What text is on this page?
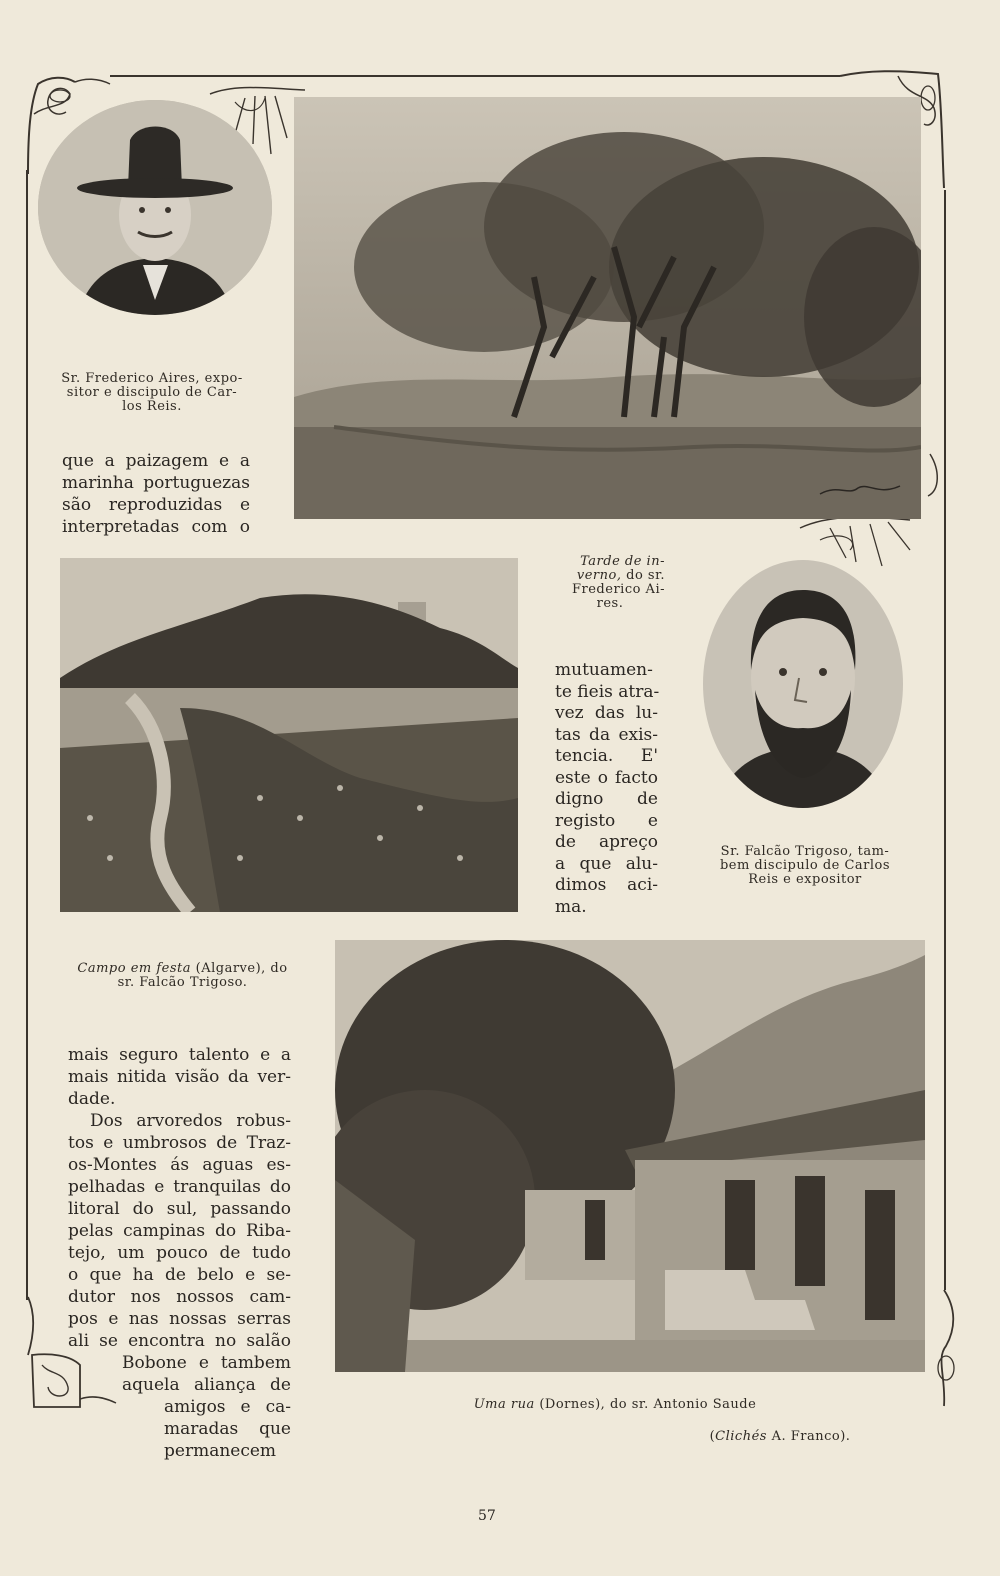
Sr. Frederico Aires, expo-
sitor e discipulo de Car-
los Reis.
Tarde de in-
verno, do sr.
Frederico Ai-
res.
que a paizagem e a
marinha portuguezas
são reproduzidas e
interpretadas com o
Campo em festa (Algarve), do
sr. Falcão Trigoso.
mutuamen-
te fieis atra-
vez das lu-
tas da exis-
tencia. E'
este o facto
digno de
registo e
de apreço
a que alu-
dimos aci-
ma.
Sr. Falcão Trigoso, tam-
bem discipulo de Carlos
Reis e expositor
Uma rua (Dornes), do sr. Antonio Saude
(Clichés A. Franco).
mais seguro talento e a
mais nitida visão da ver-
dade.
Dos arvoredos robus-
tos e umbrosos de Traz-
os-Montes ás aguas es-
pelhadas e tranquilas do
litoral do sul, passando
pelas campinas do Riba-
tejo, um pouco de tudo
o que ha de belo e se-
dutor nos nossos cam-
pos e nas nossas serras
ali se encontra no salão
Bobone e tambem
aquela aliança de
amigos e ca-
maradas que
permanecem
57
